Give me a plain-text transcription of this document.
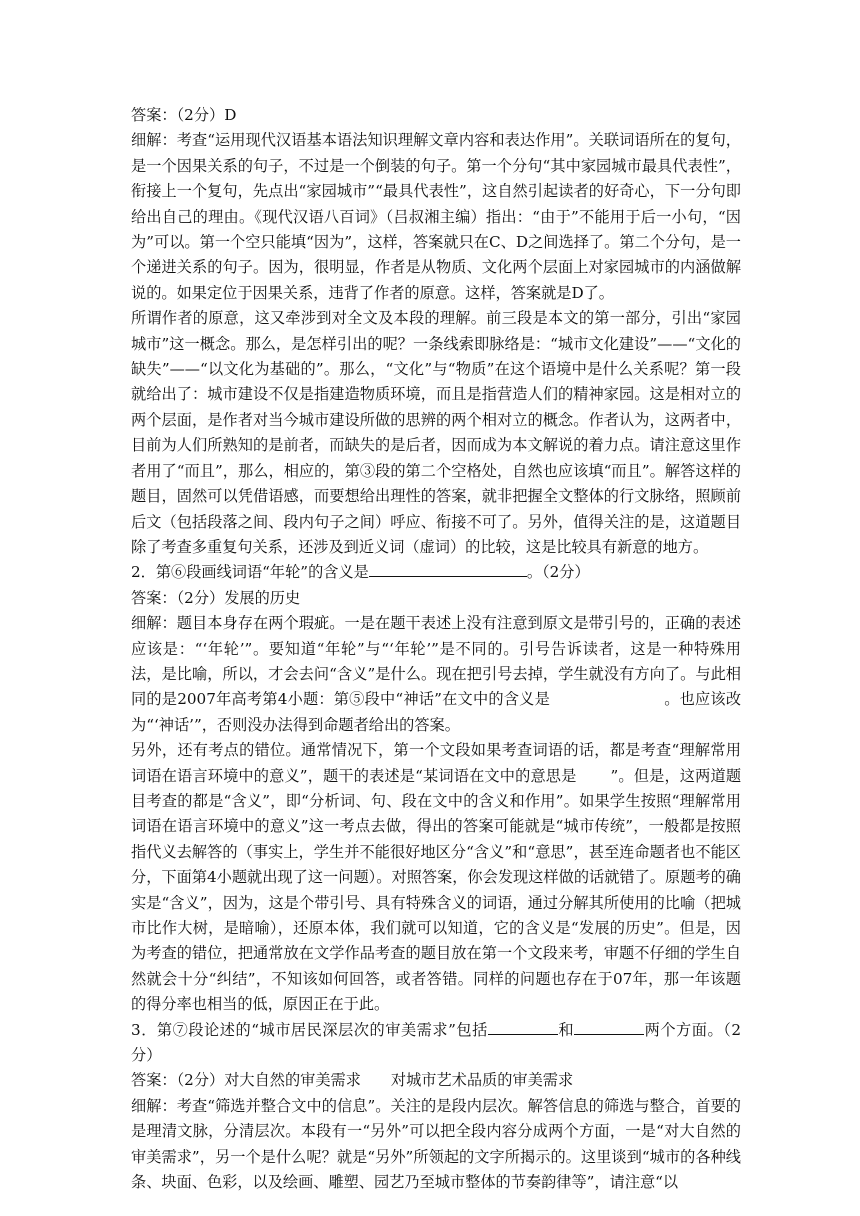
答案：（2分）D

细解：考查“运用现代汉语基本语法知识理解文章内容和表达作用”。关联词语所在的复句，是一个因果关系的句子，不过是一个倒装的句子。第一个分句“其中家园城市最具代表性”，衔接上一个复句，先点出“家园城市”“最具代表性”，这自然引起读者的好奇心，下一分句即给出自己的理由。《现代汉语八百词》（吕叔湘主编）指出：“由于”不能用于后一小句，“因为”可以。第一个空只能填“因为”，这样，答案就只在C、D之间选择了。第二个分句，是一个递进关系的句子。因为，很明显，作者是从物质、文化两个层面上对家园城市的内涵做解说的。如果定位于因果关系，违背了作者的原意。这样，答案就是D了。

所谓作者的原意，这又牵涉到对全文及本段的理解。前三段是本文的第一部分，引出“家园城市”这一概念。那么，是怎样引出的呢？一条线索即脉络是：“城市文化建设”——“文化的缺失”——“以文化为基础的”。那么，“文化”与“物质”在这个语境中是什么关系呢？第一段就给出了：城市建设不仅是指建造物质环境，而且是指营造人们的精神家园。这是相对立的两个层面，是作者对当今城市建设所做的思辨的两个相对立的概念。作者认为，这两者中，目前为人们所熟知的是前者，而缺失的是后者，因而成为本文解说的着力点。请注意这里作者用了“而且”，那么，相应的，第③段的第二个空格处，自然也应该填“而且”。解答这样的题目，固然可以凭借语感，而要想给出理性的答案，就非把握全文整体的行文脉络，照顾前后文（包括段落之间、段内句子之间）呼应、衔接不可了。另外，值得关注的是，这道题目除了考查多重复句关系，还涉及到近义词（虚词）的比较，这是比较具有新意的地方。

2．第⑥段画线词语“年轮”的含义是	。（2分）

答案：（2分）发展的历史

细解：题目本身存在两个瑕疵。一是在题干表述上没有注意到原文是带引号的，正确的表述应该是：“‘年轮’”。要知道“年轮”与“‘年轮’”是不同的。引号告诉读者，这是一种特殊用法，是比喻，所以，才会去问“含义”是什么。现在把引号去掉，学生就没有方向了。与此相同的是2007年高考第4小题：第⑤段中“神话”在文中的含义是	。也应该改为“‘神话’”，否则没办法得到命题者给出的答案。

另外，还有考点的错位。通常情况下，第一个文段如果考查词语的话，都是考查“理解常用词语在语言环境中的意义”，题干的表述是“某词语在文中的意思是 ”。但是，这两道题目考查的都是“含义”，即“分析词、句、段在文中的含义和作用”。如果学生按照“理解常用词语在语言环境中的意义”这一考点去做，得出的答案可能就是“城市传统”，一般都是按照指代义去解答的（事实上，学生并不能很好地区分“含义”和“意思”，甚至连命题者也不能区分，下面第4小题就出现了这一问题）。对照答案，你会发现这样做的话就错了。原题考的确实是“含义”，因为，这是个带引号、具有特殊含义的词语，通过分解其所使用的比喻（把城市比作大树，是暗喻），还原本体，我们就可以知道，它的含义是“发展的历史”。但是，因为考查的错位，把通常放在文学作品考查的题目放在第一个文段来考，审题不仔细的学生自然就会十分“纠结”，不知该如何回答，或者答错。同样的问题也存在于07年，那一年该题的得分率也相当的低，原因正在于此。

3．第⑦段论述的“城市居民深层次的审美需求”包括	和	两个方面。（2分）

答案：（2分）对大自然的审美需求 对城市艺术品质的审美需求

细解：考查“筛选并整合文中的信息”。关注的是段内层次。解答信息的筛选与整合，首要的是理清文脉，分清层次。本段有一“另外”可以把全段内容分成两个方面，一是“对大自然的审美需求”，另一个是什么呢？就是“另外”所领起的文字所揭示的。这里谈到“城市的各种线条、块面、色彩，以及绘画、雕塑、园艺乃至城市整体的节奏韵律等”，请注意“以
